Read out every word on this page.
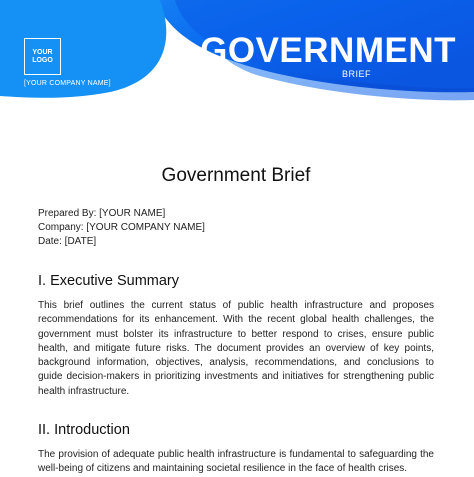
YOUR
LOGO
[YOUR COMPANY NAME]
GOVERNMENT
BRIEF
Government Brief
Prepared By: [YOUR NAME]
Company: [YOUR COMPANY NAME]
Date: [DATE]
I. Executive Summary

This brief outlines the current status of public health infrastructure and proposes recommendations for its enhancement. With the recent global health challenges, the government must bolster its infrastructure to better respond to crises, ensure public health, and mitigate future risks. The document provides an overview of key points, background information, objectives, analysis, recommendations, and conclusions to guide decision-makers in prioritizing investments and initiatives for strengthening public health infrastructure.

II. Introduction

The provision of adequate public health infrastructure is fundamental to safeguarding the well-being of citizens and maintaining societal resilience in the face of health crises.
